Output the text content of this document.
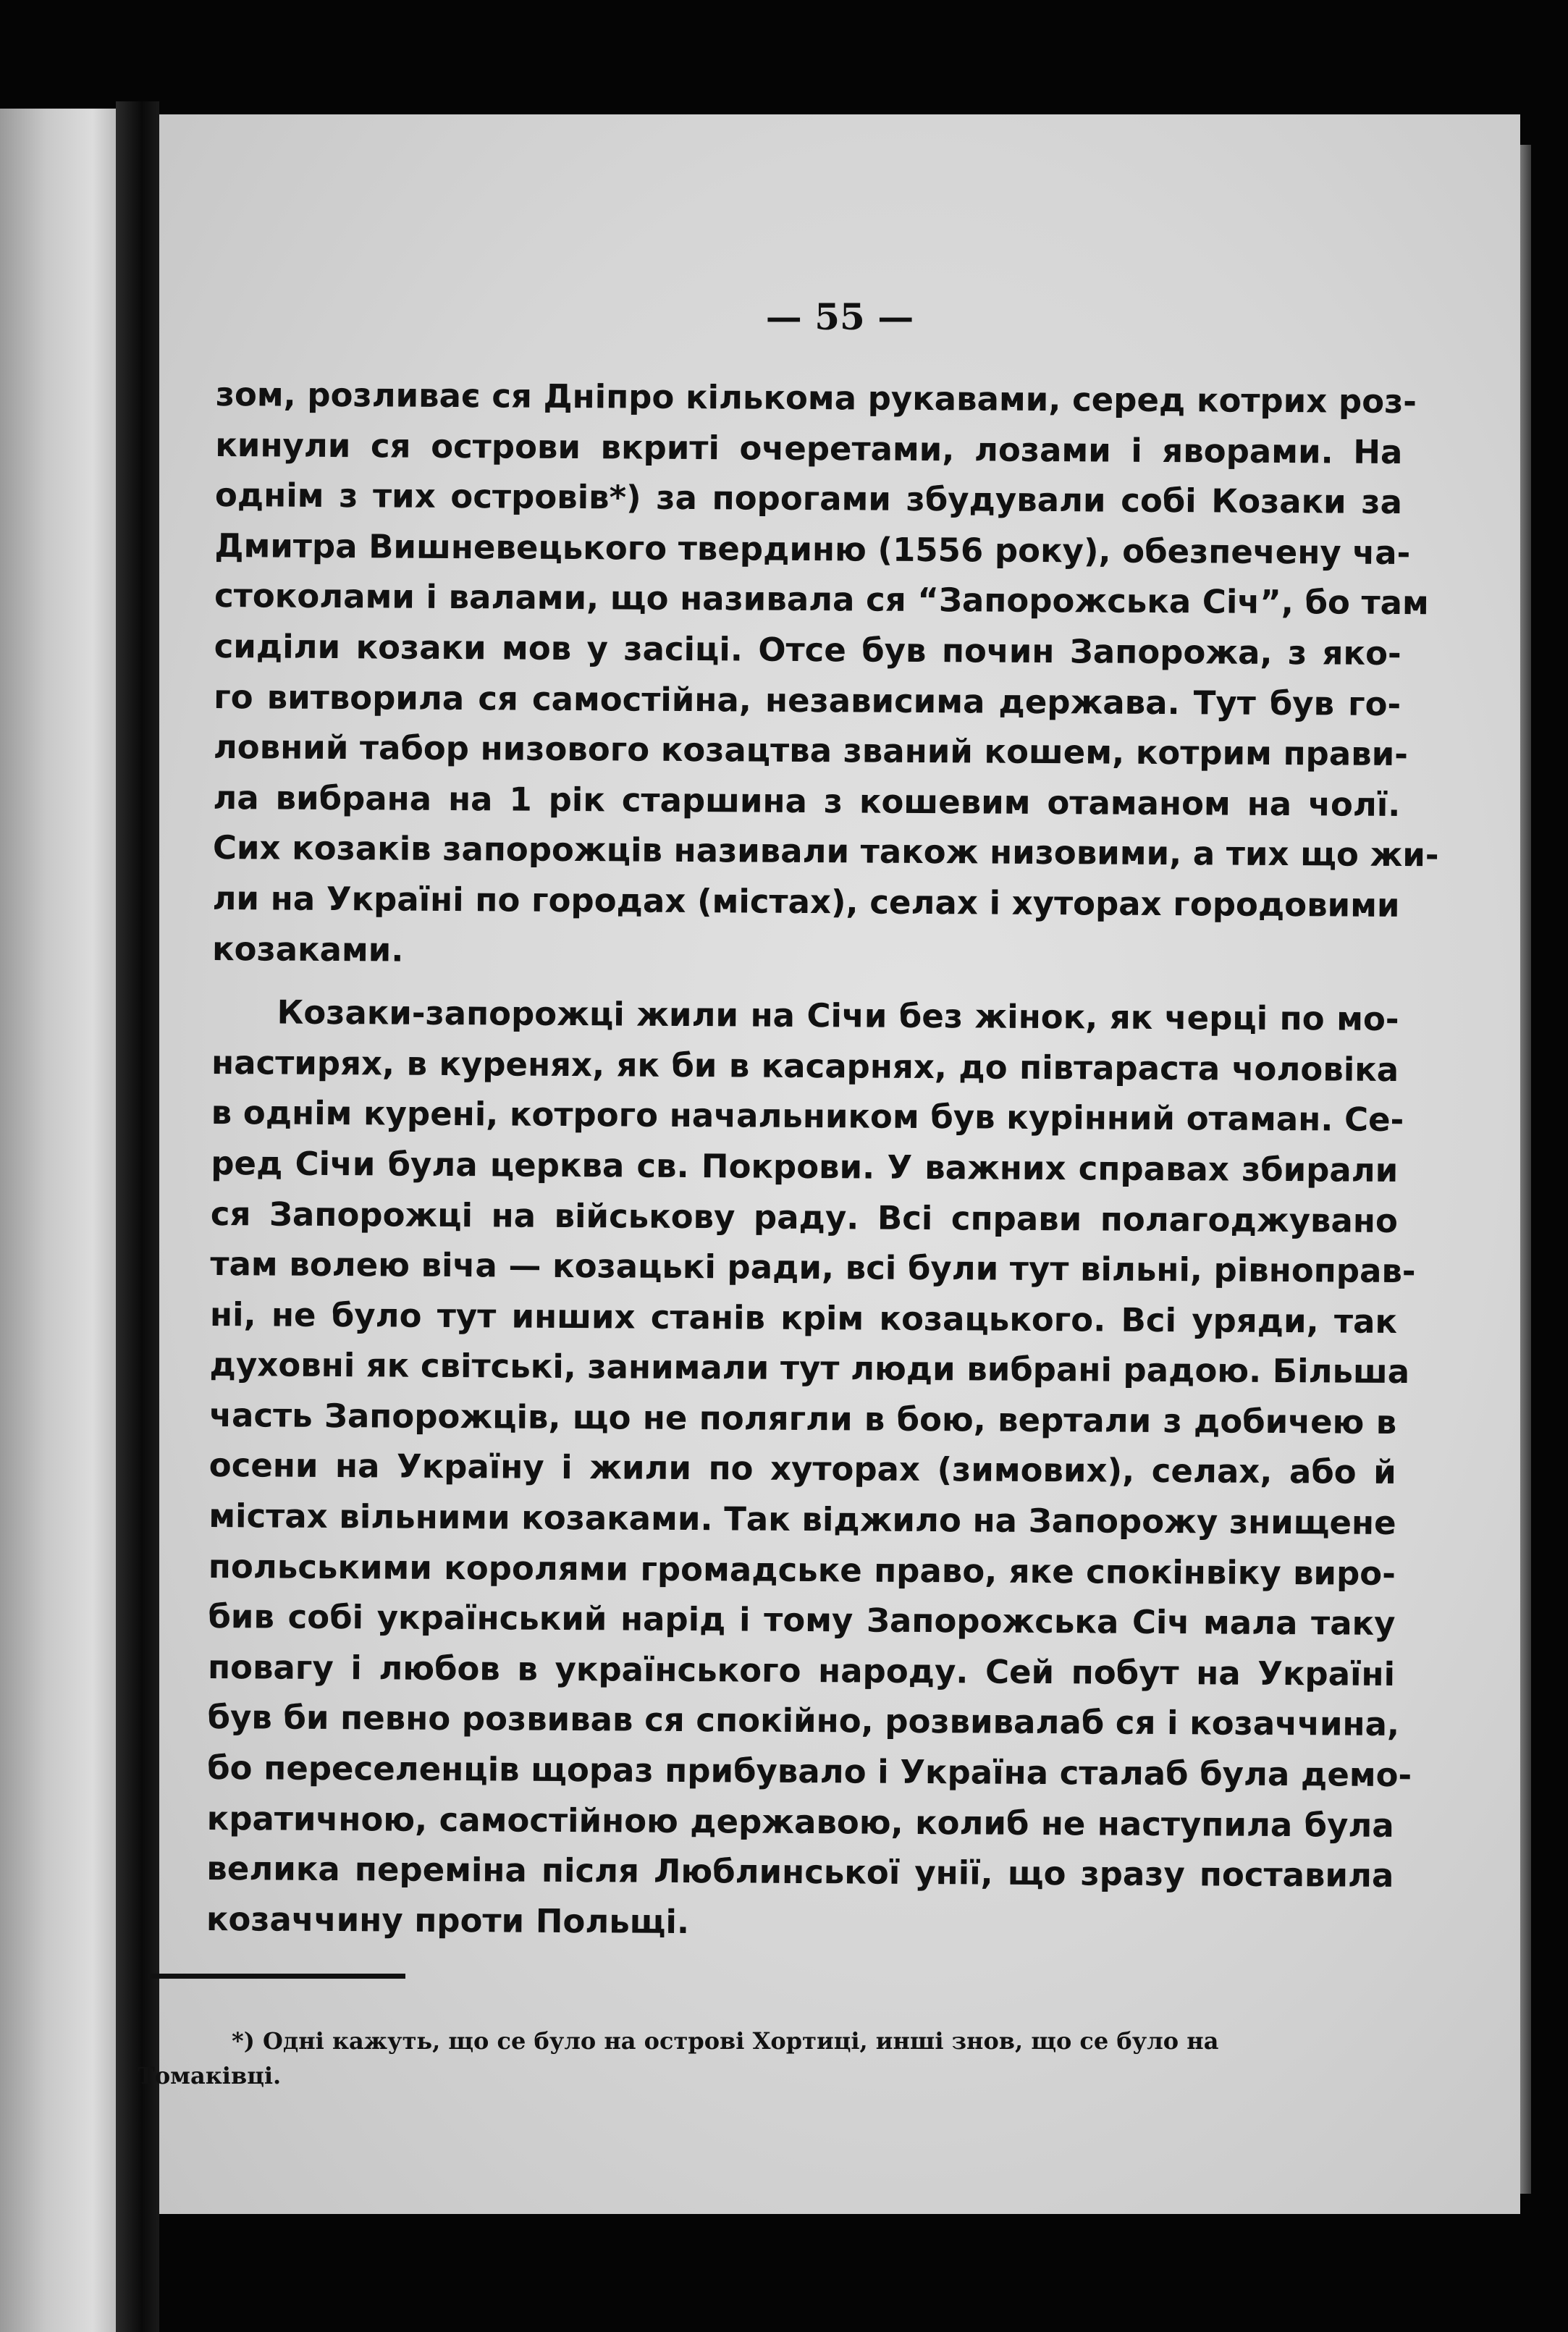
— 55 —
зом, розливає ся Дніпро кількома рукавами, серед котрих роз-
кинули ся острови вкриті очеретами, лозами і яворами. На
однім з тих островів*) за порогами збудували собі Козаки за
Дмитра Вишневецького твердиню (1556 року), обезпечену ча-
стоколами і валами, що називала ся “Запорожська Січ”, бо там
сиділи козаки мов у засіці. Отсе був почин Запорожа, з яко-
го витворила ся самостійна, независима держава. Тут був го-
ловний табор низового козацтва званий кошем, котрим прави-
ла вибрана на 1 рік старшина з кошевим отаманом на чолї.
Сих козаків запорожців називали також низовими, а тих що жи-
ли на Україні по городах (містах), селах і хуторах городовими
козаками.
Козаки-запорожці жили на Січи без жінок, як черці по мо-
настирях, в куренях, як би в касарнях, до півтараста чоловіка
в однім курені, котрого начальником був курінний отаман. Се-
ред Січи була церква св. Покрови. У важних справах збирали
ся Запорожці на військову раду. Всі справи полагоджувано
там волею віча — козацькі ради, всі були тут вільні, рівноправ-
ні, не було тут инших станів крім козацького. Всі уряди, так
духовні як світські, занимали тут люди вибрані радою. Більша
часть Запорожців, що не полягли в бою, вертали з добичею в
осени на Україну і жили по хуторах (зимових), селах, або й
містах вільними козаками. Так віджило на Запорожу знищене
польськими королями громадське право, яке спокінвіку виро-
бив собі український нарід і тому Запорожська Січ мала таку
повагу і любов в українського народу. Сей побут на Україні
був би певно розвивав ся спокійно, розвивалаб ся і козаччина,
бо переселенців щораз прибувало і Україна сталаб була демо-
кратичною, самостійною державою, колиб не наступила була
велика переміна після Люблинської унії, що зразу поставила
козаччину проти Польщі.
*) Одні кажуть, що се було на острові Хортиці, инші знов, що се було на
Томаківці.
